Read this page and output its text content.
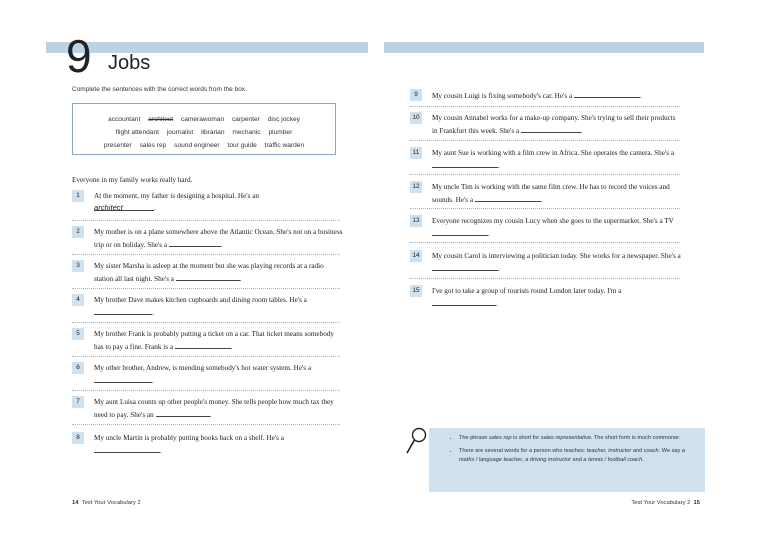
9 Jobs
Complete the sentences with the correct words from the box.
accountant architect camerawoman carpenter disc jockey
flight attendant journalist librarian mechanic plumber
presenter sales rep sound engineer tour guide traffic warden
Everyone in my family works really hard.
1	At the moment, my father is designing a hospital. He's an
architect	.
2	My mother is on a plane somewhere above the Atlantic Ocean. She's not on a business trip or on holiday. She's a	.
3	My sister Marsha is asleep at the moment but she was playing records at a radio station all last night. She's a	.
4	My brother Dave makes kitchen cupboards and dining room tables. He's a .
5	My brother Frank is probably putting a ticket on a car. That ticket means somebody has to pay a fine. Frank is a	.
6	My other brother, Andrew, is mending somebody's hot water system. He's a .
7	My aunt Luisa counts up other people's money. She tells people how much tax they need to pay. She's an	.
8	My uncle Martin is probably putting books back on a shelf. He's a .
14 Test Your Vocabulary 2
9	My cousin Luigi is fixing somebody's car. He's a	.
10	My cousin Annabel works for a make-up company. She's trying to sell their products in Frankfurt this week. She's a	.
11	My aunt Sue is working with a film crew in Africa. She operates the camera. She's a .
12	My uncle Tim is working with the same film crew. He has to record the voices and sounds. He's a	.
13	Everyone recognizes my cousin Lucy when she goes to the supermarket. She's a TV .
14	My cousin Carol is interviewing a politician today. She works for a newspaper. She's a .
15	I've got to take a group of tourists round London later today. I'm a .
• The phrase sales rep is short for sales representative. The short form is much commoner.
• There are several words for a person who teaches: teacher, instructor and coach. We say a maths / language teacher, a driving instructor and a tennis / football coach.
Test Your Vocabulary 2 15
